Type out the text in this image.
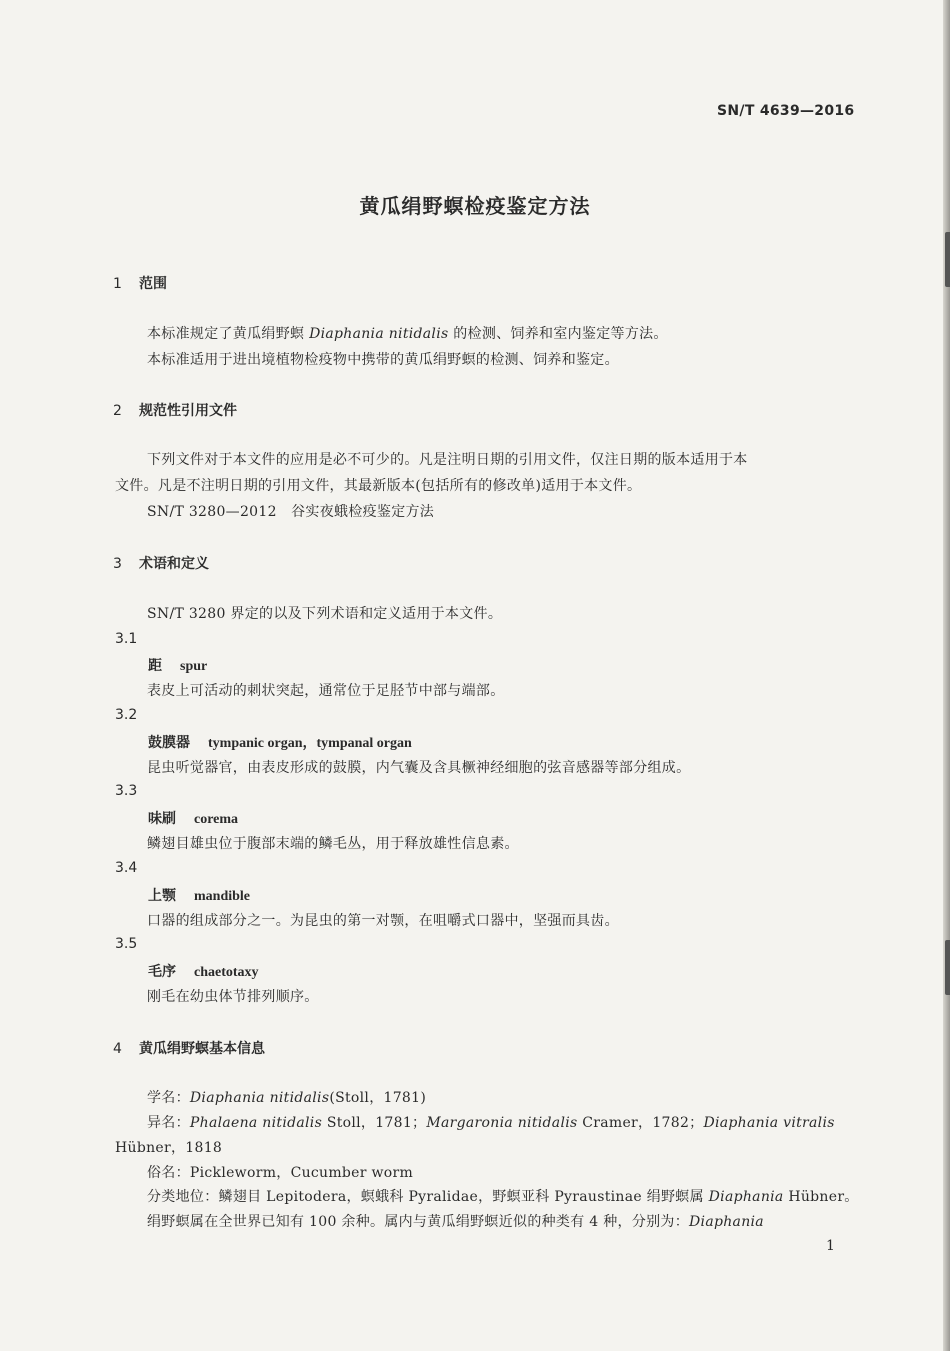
SN/T 4639—2016
黄瓜绢野螟检疫鉴定方法
1 范围
本标准规定了黄瓜绢野螟 Diaphania nitidalis 的检测、饲养和室内鉴定等方法。
本标准适用于进出境植物检疫物中携带的黄瓜绢野螟的检测、饲养和鉴定。
2 规范性引用文件
下列文件对于本文件的应用是必不可少的。凡是注明日期的引用文件，仅注日期的版本适用于本
文件。凡是不注明日期的引用文件，其最新版本(包括所有的修改单)适用于本文件。
SN/T 3280—2012　谷实夜蛾检疫鉴定方法
3 术语和定义
SN/T 3280 界定的以及下列术语和定义适用于本文件。
3.1
距 spur
表皮上可活动的刺状突起，通常位于足胫节中部与端部。
3.2
鼓膜器 tympanic organ，tympanal organ
昆虫听觉器官，由表皮形成的鼓膜，内气囊及含具橛神经细胞的弦音感器等部分组成。
3.3
味刷 corema
鳞翅目雄虫位于腹部末端的鳞毛丛，用于释放雄性信息素。
3.4
上颚 mandible
口器的组成部分之一。为昆虫的第一对颚，在咀嚼式口器中，坚强而具齿。
3.5
毛序 chaetotaxy
刚毛在幼虫体节排列顺序。
4 黄瓜绢野螟基本信息
学名：Diaphania nitidalis(Stoll，1781)
异名：Phalaena nitidalis Stoll，1781；Margaronia nitidalis Cramer，1782；Diaphania vitralis
Hübner，1818
俗名：Pickleworm，Cucumber worm
分类地位：鳞翅目 Lepitodera，螟蛾科 Pyralidae，野螟亚科 Pyraustinae 绢野螟属 Diaphania Hübner。
绢野螟属在全世界已知有 100 余种。属内与黄瓜绢野螟近似的种类有 4 种，分别为：Diaphania
1
